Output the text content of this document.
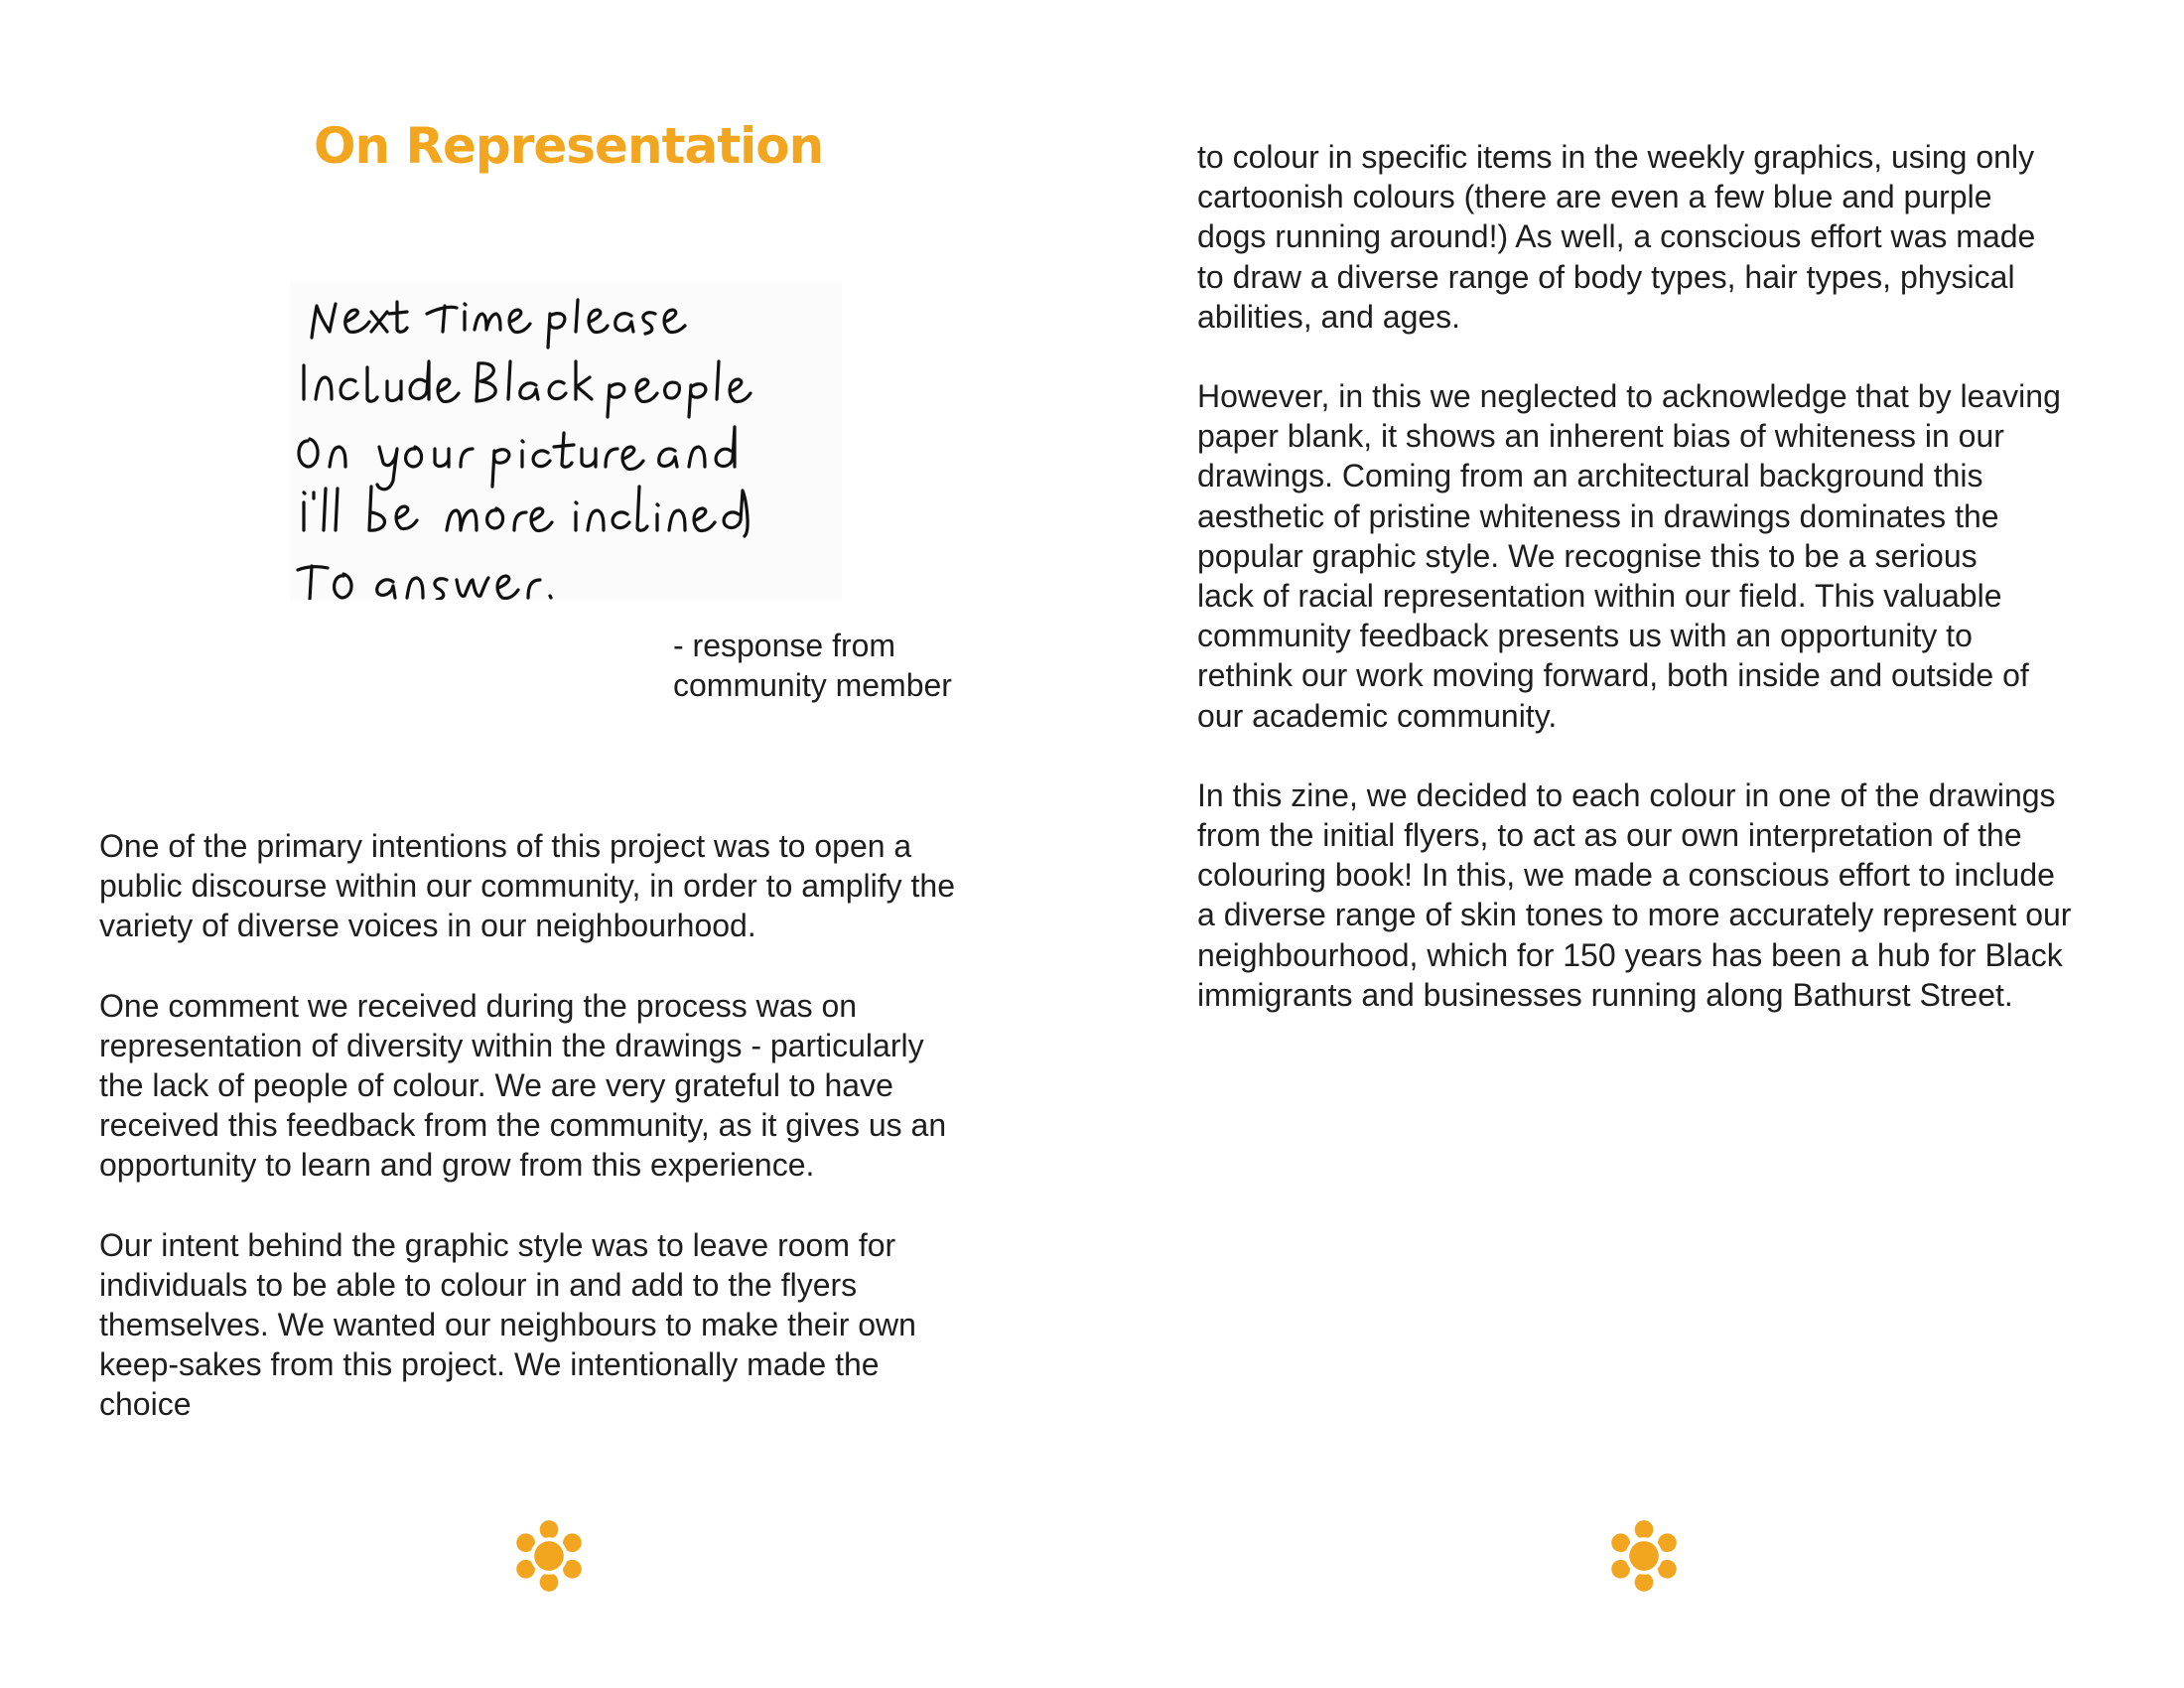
On Representation

- response from
community member

One of the primary intentions of this project was to open a
public discourse within our community, in order to amplify the
variety of diverse voices in our neighbourhood.

One comment we received during the process was on
representation of diversity within the drawings - particularly
the lack of people of colour. We are very grateful to have
received this feedback from the community, as it gives us an
opportunity to learn and grow from this experience.

Our intent behind the graphic style was to leave room for
individuals to be able to colour in and add to the flyers
themselves. We wanted our neighbours to make their own
keep-sakes from this project. We intentionally made the
choice

to colour in specific items in the weekly graphics, using only
cartoonish colours (there are even a few blue and purple
dogs running around!) As well, a conscious effort was made
to draw a diverse range of body types, hair types, physical
abilities, and ages.

However, in this we neglected to acknowledge that by leaving
paper blank, it shows an inherent bias of whiteness in our
drawings. Coming from an architectural background this
aesthetic of pristine whiteness in drawings dominates the
popular graphic style. We recognise this to be a serious
lack of racial representation within our field. This valuable
community feedback presents us with an opportunity to
rethink our work moving forward, both inside and outside of
our academic community.

In this zine, we decided to each colour in one of the drawings
from the initial flyers, to act as our own interpretation of the
colouring book! In this, we made a conscious effort to include
a diverse range of skin tones to more accurately represent our
neighbourhood, which for 150 years has been a hub for Black
immigrants and businesses running along Bathurst Street.
